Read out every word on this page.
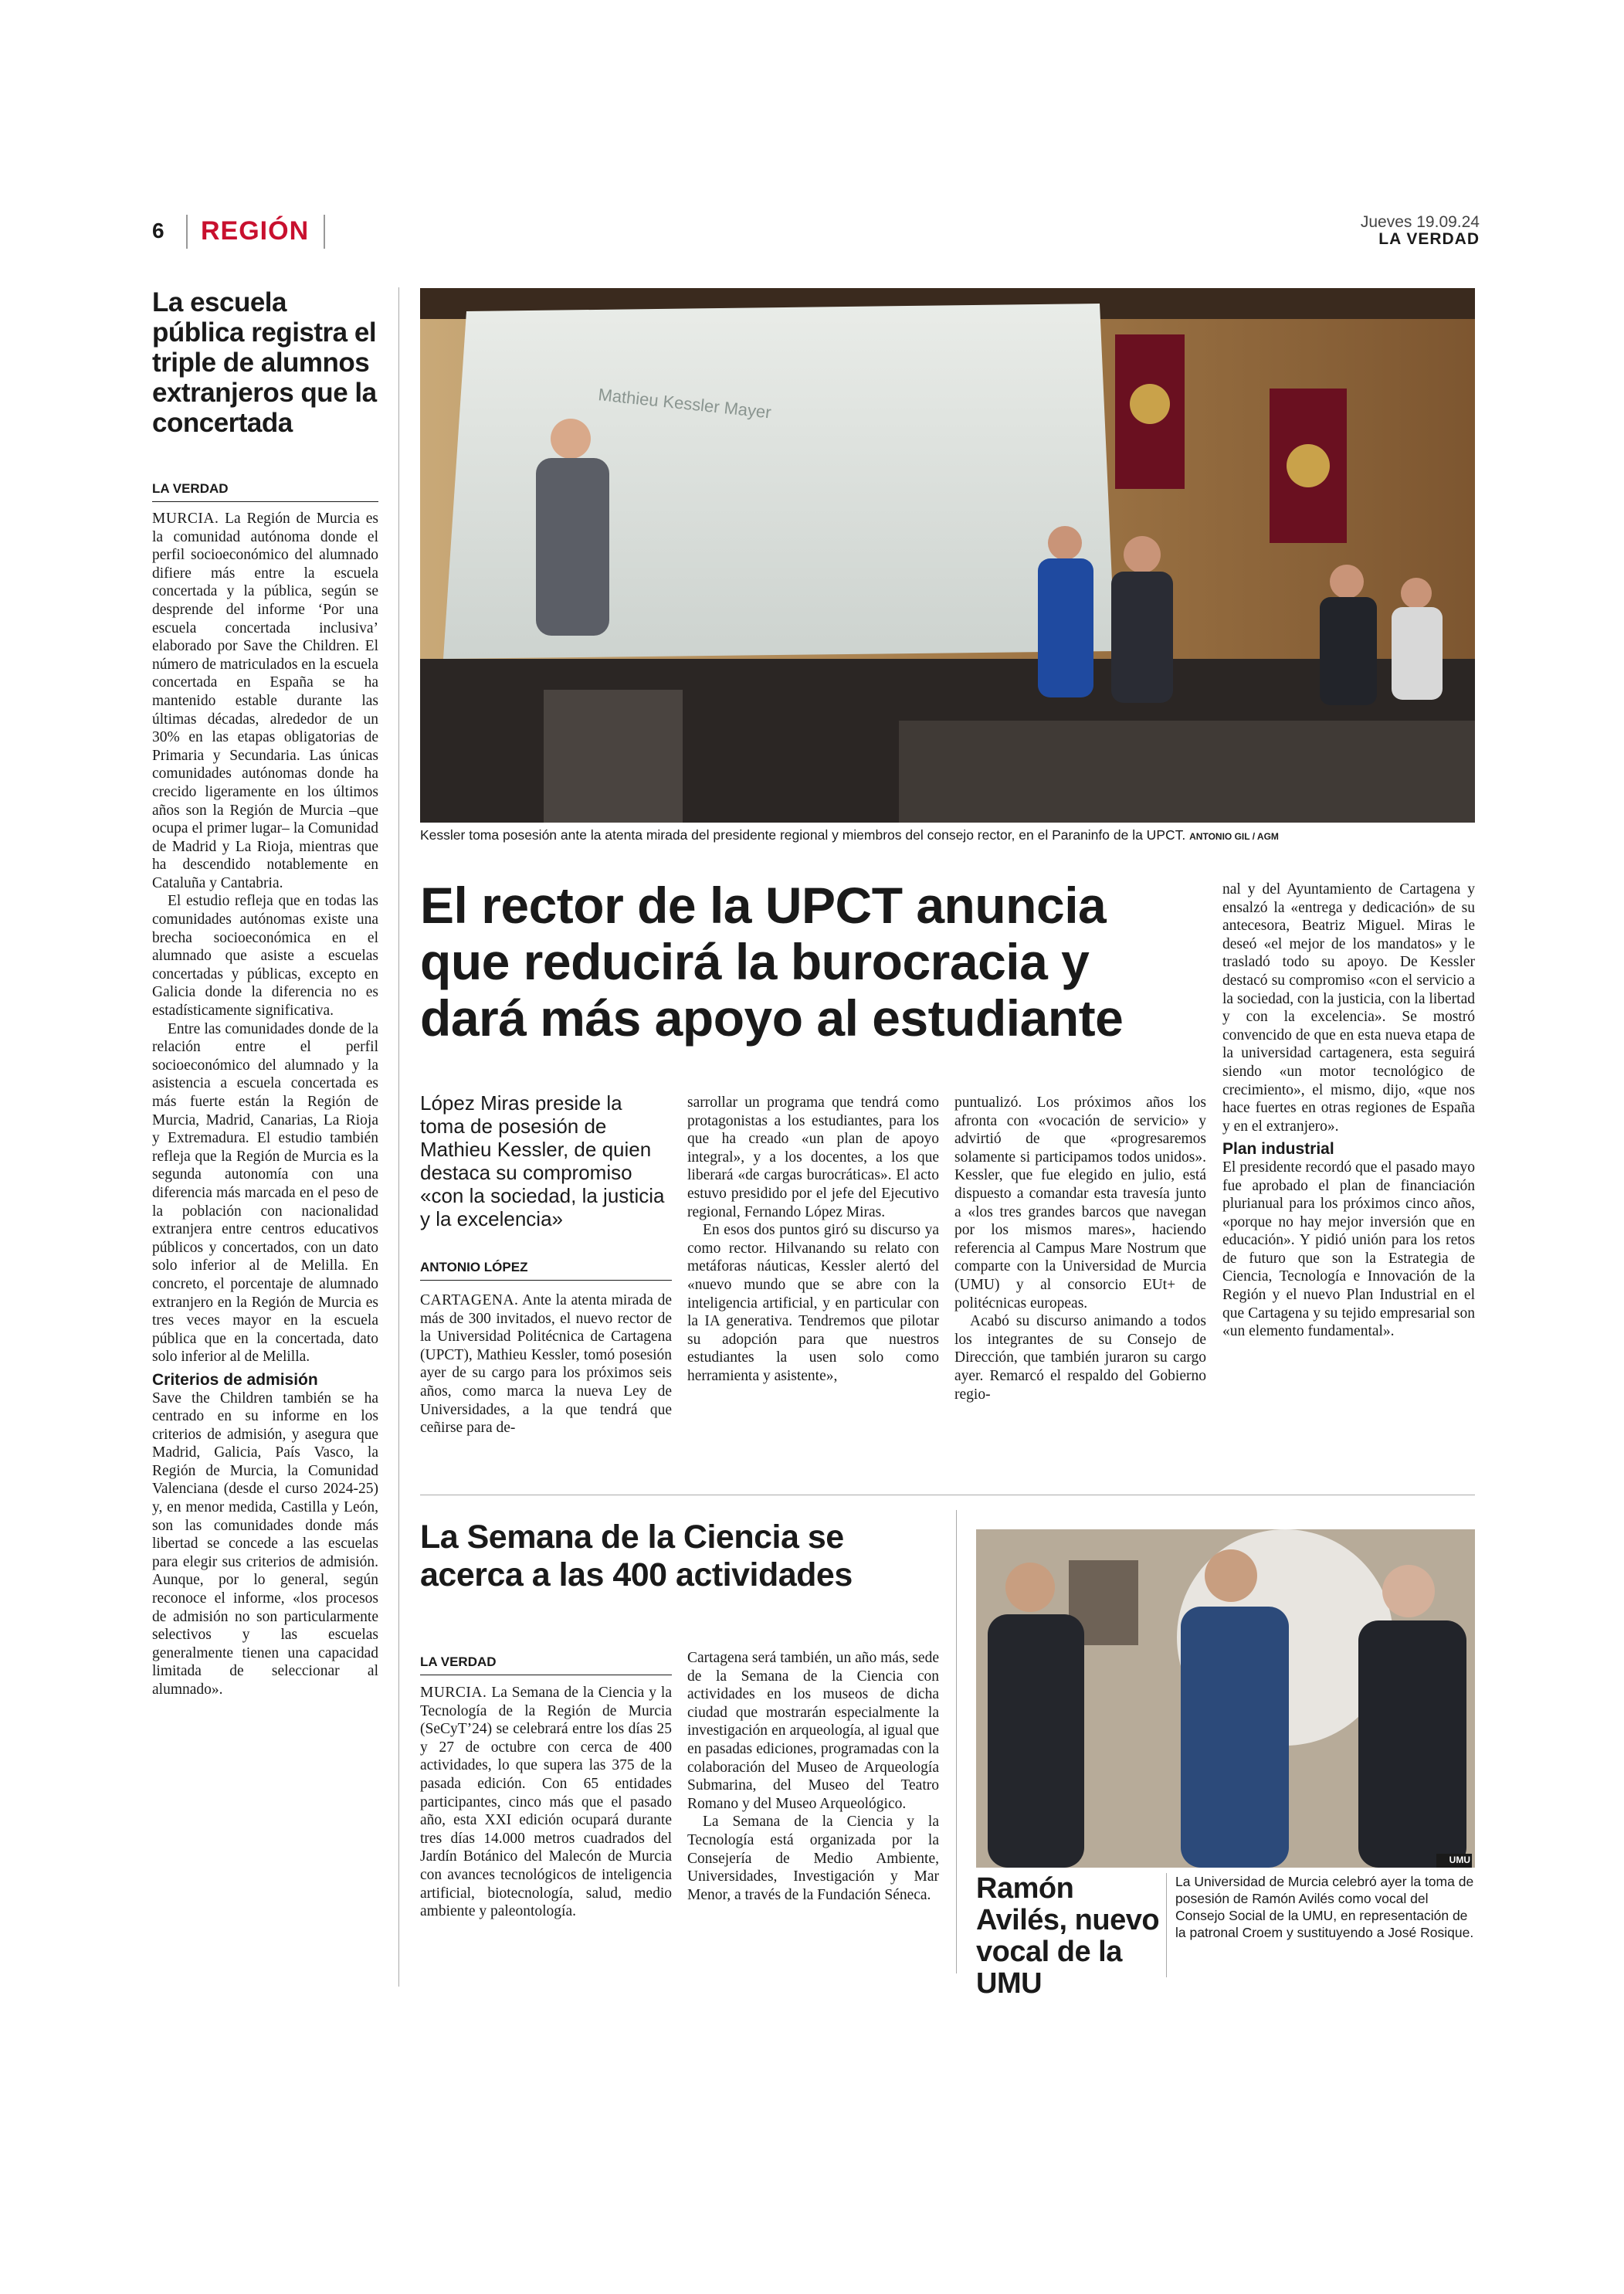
6 REGIÓN	Jueves 19.09.24
LA VERDAD
La escuela pública registra el triple de alumnos extranjeros que la concertada
LA VERDAD

MURCIA. La Región de Murcia es la comunidad autónoma donde el perfil socioeconómico del alumnado difiere más entre la escuela concertada y la pública, según se desprende del informe ‘Por una escuela concertada inclusiva’ elaborado por Save the Children. El número de matriculados en la escuela concertada en España se ha mantenido estable durante las últimas décadas, alrededor de un 30% en las etapas obligatorias de Primaria y Secundaria. Las únicas comunidades autónomas donde ha crecido ligeramente en los últimos años son la Región de Murcia –que ocupa el primer lugar– la Comunidad de Madrid y La Rioja, mientras que ha descendido notablemente en Cataluña y Cantabria.

El estudio refleja que en todas las comunidades autónomas existe una brecha socioeconómica en el alumnado que asiste a escuelas concertadas y públicas, excepto en Galicia donde la diferencia no es estadísticamente significativa.

Entre las comunidades donde de la relación entre el perfil socioeconómico del alumnado y la asistencia a escuela concertada es más fuerte están la Región de Murcia, Madrid, Canarias, La Rioja y Extremadura. El estudio también refleja que la Región de Murcia es la segunda autonomía con una diferencia más marcada en el peso de la población con nacionalidad extranjera entre centros educativos públicos y concertados, con un dato solo inferior al de Melilla. En concreto, el porcentaje de alumnado extranjero en la Región de Murcia es tres veces mayor en la escuela pública que en la concertada, dato solo inferior al de Melilla.

Criterios de admisión

Save the Children también se ha centrado en su informe en los criterios de admisión, y asegura que Madrid, Galicia, País Vasco, la Región de Murcia, la Comunidad Valenciana (desde el curso 2024-25) y, en menor medida, Castilla y León, son las comunidades donde más libertad se concede a las escuelas para elegir sus criterios de admisión. Aunque, por lo general, según reconoce el informe, «los procesos de admisión no son particularmente selectivos y las escuelas generalmente tienen una capacidad limitada de seleccionar al alumnado».

Mathieu Kessler Mayer
Kessler toma posesión ante la atenta mirada del presidente regional y miembros del consejo rector, en el Paraninfo de la UPCT. ANTONIO GIL / AGM
El rector de la UPCT anuncia que reducirá la burocracia y dará más apoyo al estudiante
López Miras preside la toma de posesión de Mathieu Kessler, de quien destaca su compromiso «con la sociedad, la justicia y la excelencia»
ANTONIO LÓPEZ

CARTAGENA. Ante la atenta mirada de más de 300 invitados, el nuevo rector de la Universidad Politécnica de Cartagena (UPCT), Mathieu Kessler, tomó posesión ayer de su cargo para los próximos seis años, como marca la nueva Ley de Universidades, a la que tendrá que ceñirse para de-

sarrollar un programa que tendrá como protagonistas a los estudiantes, para los que ha creado «un plan de apoyo integral», y a los docentes, a los que liberará «de cargas burocráticas». El acto estuvo presidido por el jefe del Ejecutivo regional, Fernando López Miras.

En esos dos puntos giró su discurso ya como rector. Hilvanando su relato con metáforas náuticas, Kessler alertó del «nuevo mundo que se abre con la inteligencia artificial, y en particular con la IA generativa. Tendremos que pilotar su adopción para que nuestros estudiantes la usen solo como herramienta y asistente»,

puntualizó. Los próximos años los afronta con «vocación de servicio» y advirtió de que «progresaremos solamente si participamos todos unidos». Kessler, que fue elegido en julio, está dispuesto a comandar esta travesía junto a «los tres grandes barcos que navegan por los mismos mares», haciendo referencia al Campus Mare Nostrum que comparte con la Universidad de Murcia (UMU) y al consorcio EUt+ de politécnicas europeas.

Acabó su discurso animando a todos los integrantes de su Consejo de Dirección, que también juraron su cargo ayer. Remarcó el respaldo del Gobierno regio-

nal y del Ayuntamiento de Cartagena y ensalzó la «entrega y dedicación» de su antecesora, Beatriz Miguel. Miras le deseó «el mejor de los mandatos» y le trasladó todo su apoyo. De Kessler destacó su compromiso «con el servicio a la sociedad, con la justicia, con la libertad y con la excelencia». Se mostró convencido de que en esta nueva etapa de la universidad cartagenera, esta seguirá siendo «un motor tecnológico de crecimiento», el mismo, dijo, «que nos hace fuertes en otras regiones de España y en el extranjero».

Plan industrial

El presidente recordó que el pasado mayo fue aprobado el plan de financiación plurianual para los próximos cinco años, «porque no hay mejor inversión que en educación». Y pidió unión para los retos de futuro que son la Estrategia de Ciencia, Tecnología e Innovación de la Región y el nuevo Plan Industrial en el que Cartagena y su tejido empresarial son «un elemento fundamental».

La Semana de la Ciencia se acerca a las 400 actividades
LA VERDAD

MURCIA. La Semana de la Ciencia y la Tecnología de la Región de Murcia (SeCyT’24) se celebrará entre los días 25 y 27 de octubre con cerca de 400 actividades, lo que supera las 375 de la pasada edición. Con 65 entidades participantes, cinco más que el pasado año, esta XXI edición ocupará durante tres días 14.000 metros cuadrados del Jardín Botánico del Malecón de Murcia con avances tecnológicos de inteligencia artificial, biotecnología, salud, medio ambiente y paleontología.

Cartagena será también, un año más, sede de la Semana de la Ciencia con actividades en los museos de dicha ciudad que mostrarán especialmente la investigación en arqueología, al igual que en pasadas ediciones, programadas con la colaboración del Museo de Arqueología Submarina, del Museo del Teatro Romano y del Museo Arqueológico.

La Semana de la Ciencia y la Tecnología está organizada por la Consejería de Medio Ambiente, Universidades, Investigación y Mar Menor, a través de la Fundación Séneca.

UMU
Ramón Avilés, nuevo vocal de la UMU
La Universidad de Murcia celebró ayer la toma de posesión de Ramón Avilés como vocal del Consejo Social de la UMU, en representación de la patronal Croem y sustituyendo a José Rosique.
